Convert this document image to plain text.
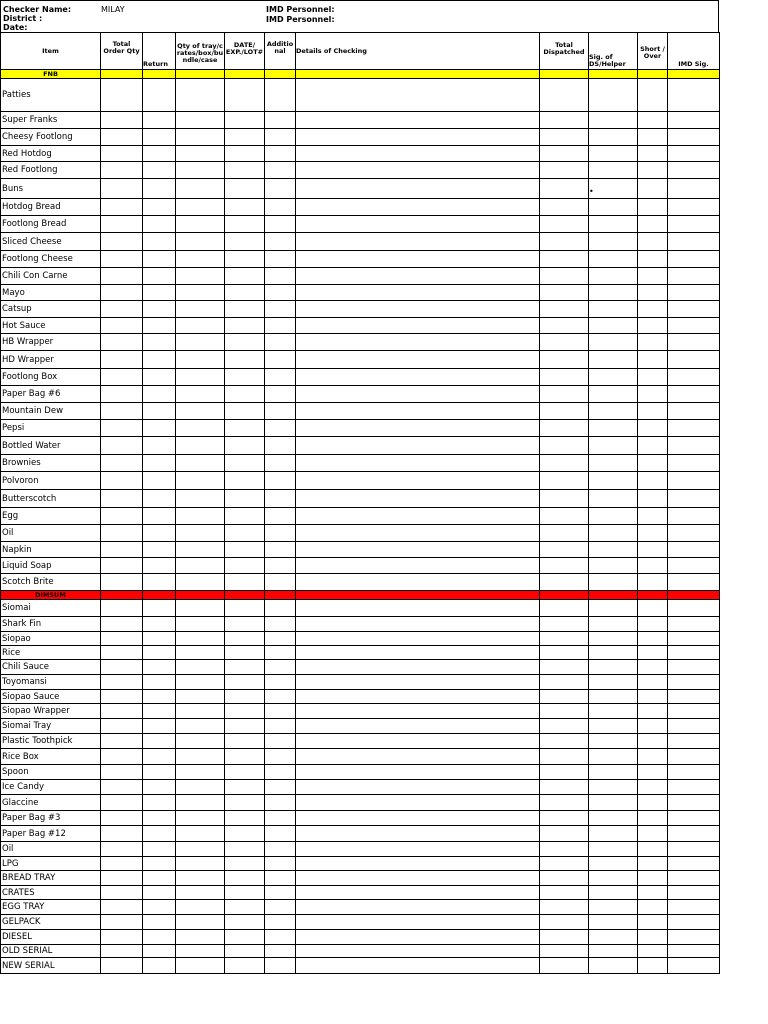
Checker Name:	MILAY
District :
Date:
IMD Personnel:
IMD Personnel:
Item	Total Order Qty	Return	Qty of tray/crates/box/bundle/case	DATE/ EXP./LOT#	Additional	Details of Checking	Total Dispatched	Sig. of DS/Helper	Short / Over	IMD Sig.
FNB										
Patties										
Super Franks										
Cheesy Footlong										
Red Hotdog										
Red Footlong										
Buns								•		
Hotdog Bread										
Footlong Bread										
Sliced Cheese										
Footlong Cheese										
Chili Con Carne										
Mayo										
Catsup										
Hot Sauce										
HB Wrapper										
HD Wrapper										
Footlong Box										
Paper Bag #6										
Mountain Dew										
Pepsi										
Bottled Water										
Brownies										
Polvoron										
Butterscotch										
Egg										
Oil										
Napkin										
Liquid Soap										
Scotch Brite										
DIMSUM										
Siomai										
Shark Fin										
Siopao										
Rice										
Chili Sauce										
Toyomansi										
Siopao Sauce										
Siopao Wrapper										
Siomai Tray										
Plastic Toothpick										
Rice Box										
Spoon										
Ice Candy										
Glaccine										
Paper Bag #3										
Paper Bag #12										
Oil										
LPG										
BREAD TRAY										
CRATES										
EGG TRAY										
GELPACK										
DIESEL										
OLD SERIAL										
NEW SERIAL										
